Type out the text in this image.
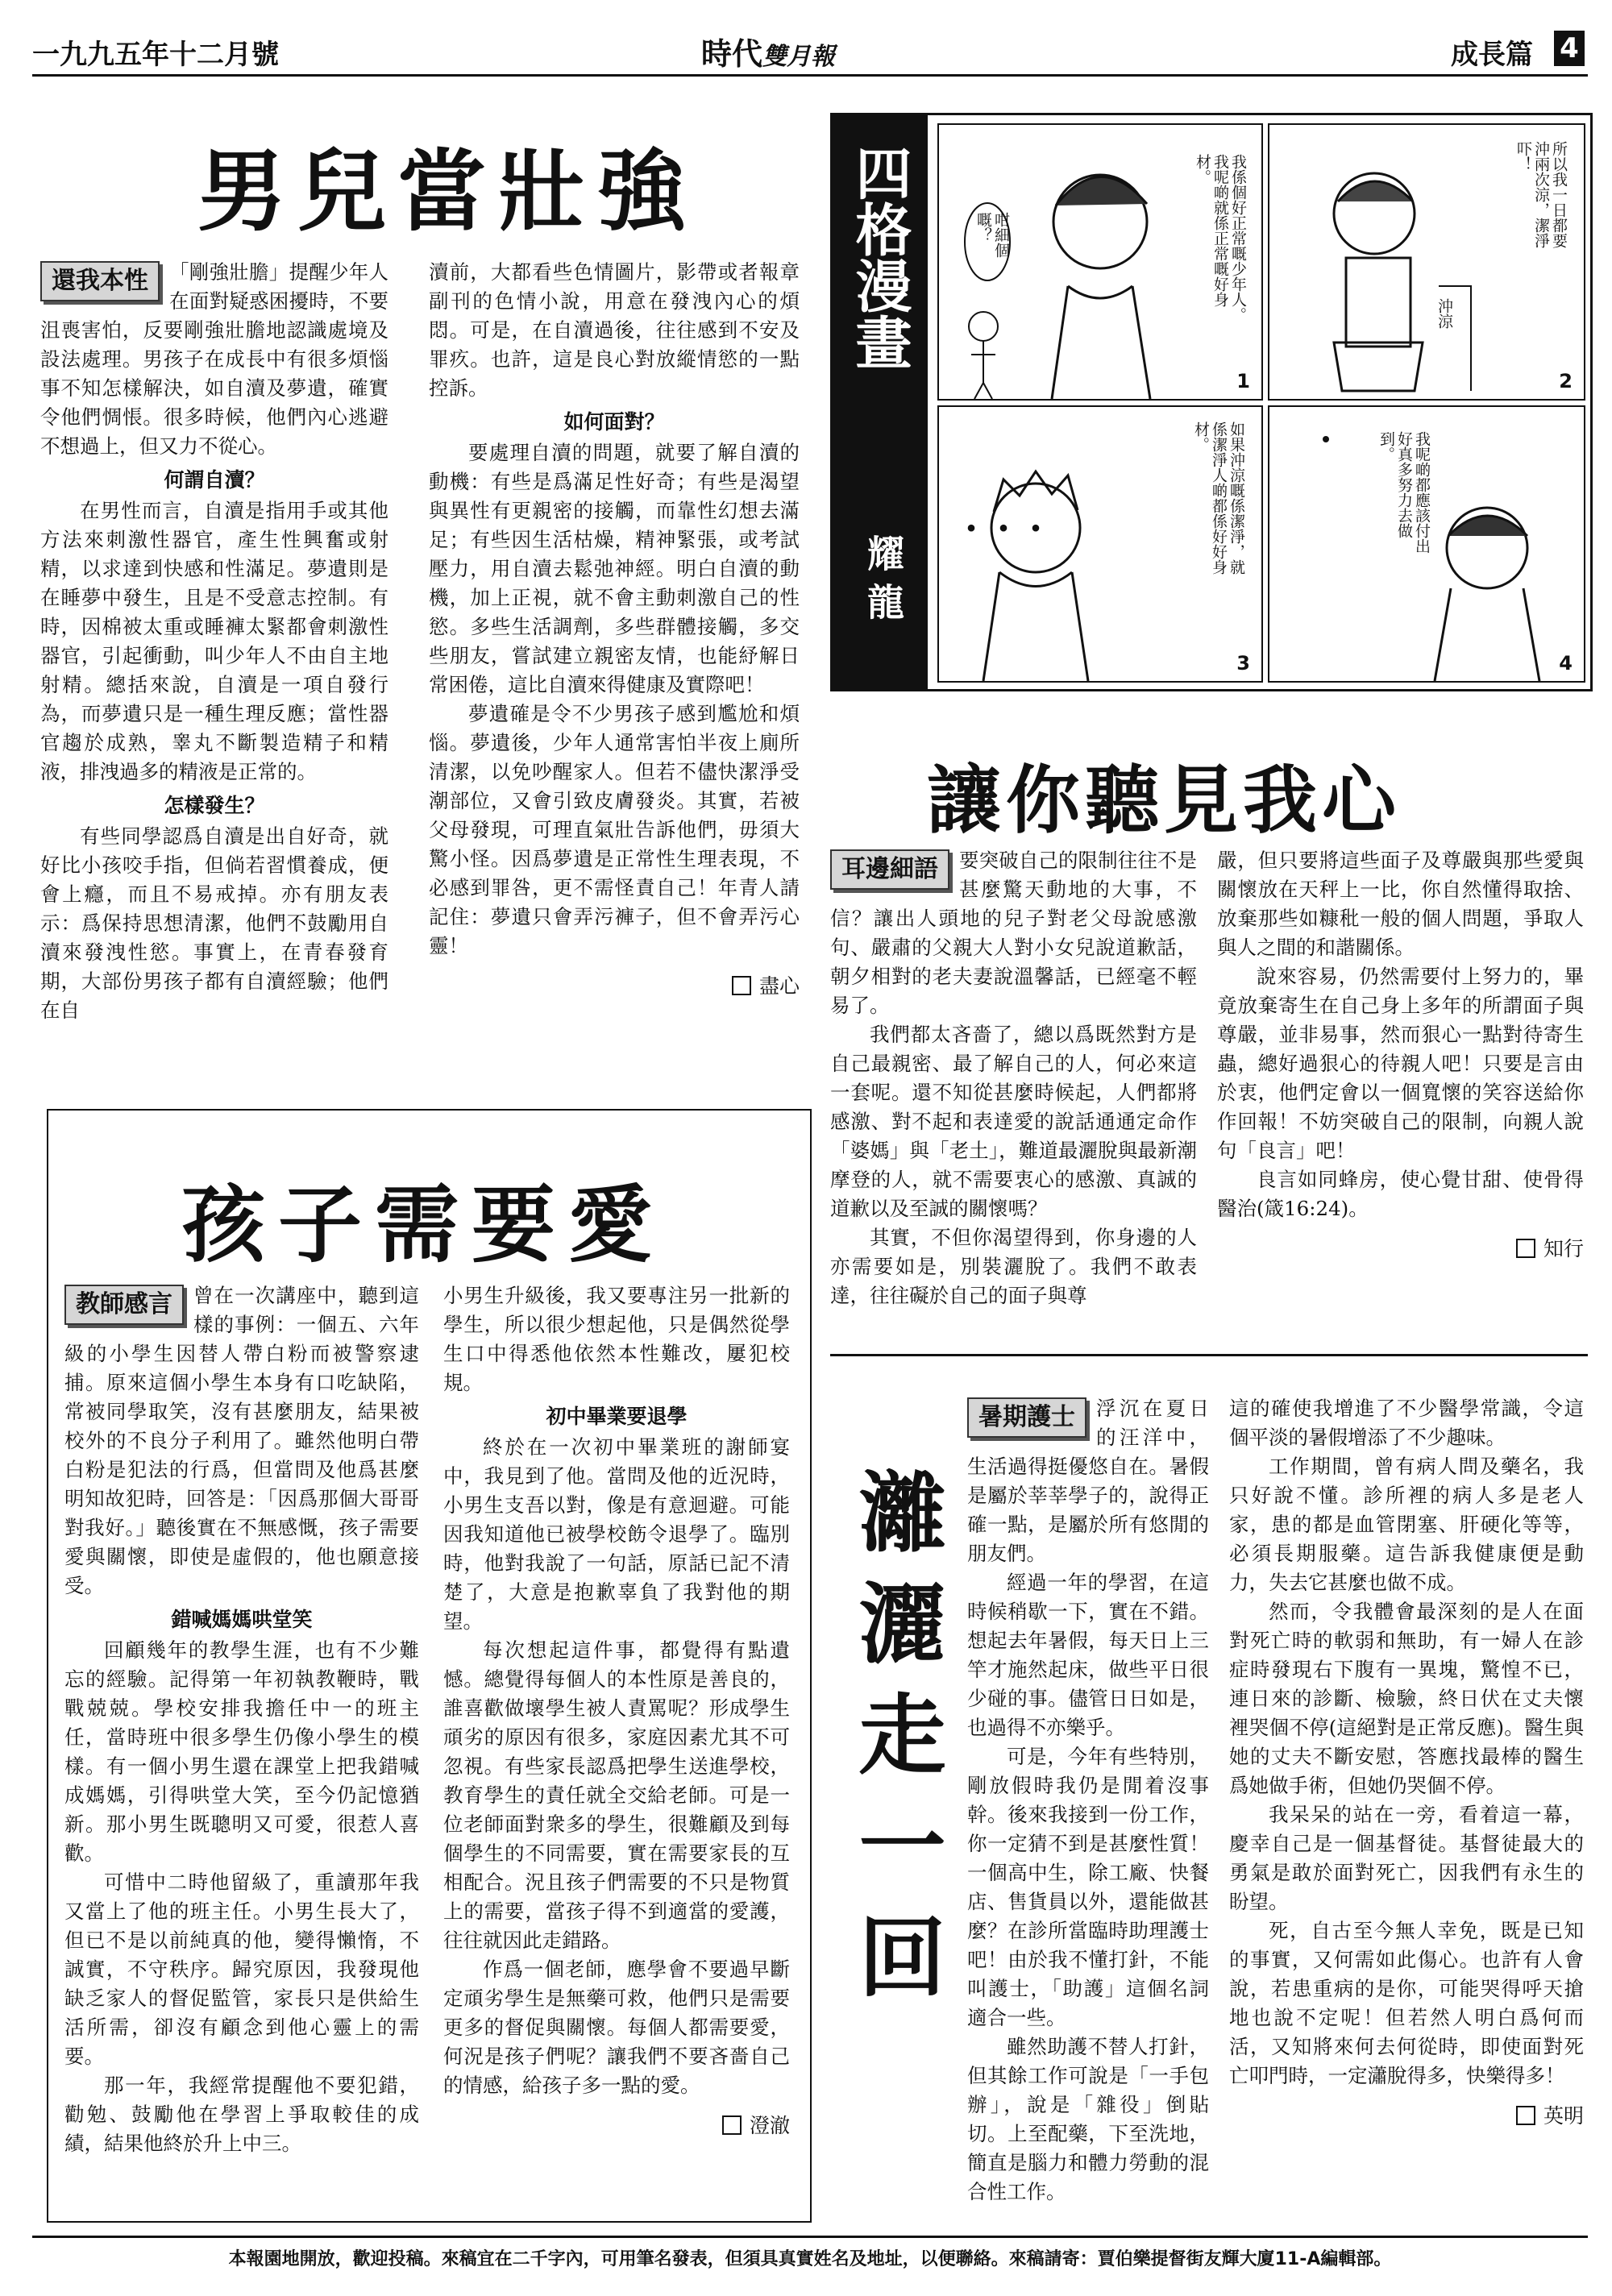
一九九五年十二月號	時代雙月報	成長篇 4
男兒當壯強
還我本性	「剛強壯膽」提醒少年人在面對疑惑困擾時，不要沮喪害怕，反要剛強壯膽地認識處境及設法處理。男孩子在成長中有很多煩惱事不知怎樣解決，如自瀆及夢遺，確實令他們惆悵。很多時候，他們內心逃避不想過上，但又力不從心。

何謂自瀆？

在男性而言，自瀆是指用手或其他方法來刺激性器官，產生性興奮或射精，以求達到快感和性滿足。夢遺則是在睡夢中發生，且是不受意志控制。有時，因棉被太重或睡褲太緊都會刺激性器官，引起衝動，叫少年人不由自主地射精。總括來說，自瀆是一項自發行為，而夢遺只是一種生理反應；當性器官趨於成熟，睾丸不斷製造精子和精液，排洩過多的精液是正常的。

怎樣發生？

有些同學認爲自瀆是出自好奇，就好比小孩咬手指，但倘若習慣養成，便會上癮，而且不易戒掉。亦有朋友表示：爲保持思想清潔，他們不鼓勵用自瀆來發洩性慾。事實上，在青春發育期，大部份男孩子都有自瀆經驗；他們在自

瀆前，大都看些色情圖片，影帶或者報章副刊的色情小說，用意在發洩內心的煩悶。可是，在自瀆過後，往往感到不安及罪疚。也許，這是良心對放縱情慾的一點控訴。

如何面對？

要處理自瀆的問題，就要了解自瀆的動機：有些是爲滿足性好奇；有些是渴望與異性有更親密的接觸，而靠性幻想去滿足；有些因生活枯燥，精神緊張，或考試壓力，用自瀆去鬆弛神經。明白自瀆的動機，加上正視，就不會主動刺激自己的性慾。多些生活調劑，多些群體接觸，多交些朋友，嘗試建立親密友情，也能紓解日常困倦，這比自瀆來得健康及實際吧！

夢遺確是令不少男孩子感到尷尬和煩惱。夢遺後，少年人通常害怕半夜上廁所清潔，以免吵醒家人。但若不儘快潔淨受潮部位，又會引致皮膚發炎。其實，若被父母發現，可理直氣壯告訴他們，毋須大驚小怪。因爲夢遺是正常性生理表現，不必感到罪咎，更不需怪責自己！年青人請記住：夢遺只會弄污褲子，但不會弄污心靈！

盡心
四格漫畫
耀龍
咁細個嘅？	我係個好正常嘅少年人。我呢啲就係正常嘅好身材。
1
所以我一日都要沖兩次涼，潔淨吓！
沖涼
2
・・・	如果沖涼嘅係潔淨，就係潔淨人啲都係好好身材。
3
我呢啲都應該付出好真多努力去做到。
4
讓你聽見我心
耳邊細語	要突破自己的限制往往不是甚麼驚天動地的大事，不信？讓出人頭地的兒子對老父母說感激句、嚴肅的父親大人對小女兒說道歉話，朝夕相對的老夫妻說溫馨話，已經毫不輕易了。

我們都太吝嗇了，總以爲既然對方是自己最親密、最了解自己的人，何必來這一套呢。還不知從甚麼時候起，人們都將感激、對不起和表達愛的說話通通定命作「婆媽」與「老土」，難道最灑脫與最新潮摩登的人，就不需要衷心的感激、真誠的道歉以及至誠的關懷嗎？

其實，不但你渴望得到，你身邊的人亦需要如是，別裝灑脫了。我們不敢表達，往往礙於自己的面子與尊

嚴，但只要將這些面子及尊嚴與那些愛與關懷放在天秤上一比，你自然懂得取捨、放棄那些如糠秕一般的個人問題，爭取人與人之間的和諧關係。

說來容易，仍然需要付上努力的，畢竟放棄寄生在自己身上多年的所謂面子與尊嚴，並非易事，然而狠心一點對待寄生蟲，總好過狠心的待親人吧！只要是言由於衷，他們定會以一個寬懷的笑容送給你作回報！不妨突破自己的限制，向親人說句「良言」吧！

良言如同蜂房，使心覺甘甜、使骨得醫治(箴16:24)。

知行
孩子需要愛
教師感言	曾在一次講座中，聽到這樣的事例：一個五、六年級的小學生因替人帶白粉而被警察逮捕。原來這個小學生本身有口吃缺陷，常被同學取笑，沒有甚麼朋友，結果被校外的不良分子利用了。雖然他明白帶白粉是犯法的行爲，但當問及他爲甚麼明知故犯時，回答是：「因爲那個大哥哥對我好。」聽後實在不無感慨，孩子需要愛與關懷，即使是虛假的，他也願意接受。

錯喊媽媽哄堂笑

回顧幾年的教學生涯，也有不少難忘的經驗。記得第一年初執教鞭時，戰戰兢兢。學校安排我擔任中一的班主任，當時班中很多學生仍像小學生的模樣。有一個小男生還在課堂上把我錯喊成媽媽，引得哄堂大笑，至今仍記憶猶新。那小男生既聰明又可愛，很惹人喜歡。

可惜中二時他留級了，重讀那年我又當上了他的班主任。小男生長大了，但已不是以前純真的他，變得懶惰，不誠實，不守秩序。歸究原因，我發現他缺乏家人的督促監管，家長只是供給生活所需，卻沒有顧念到他心靈上的需要。

那一年，我經常提醒他不要犯錯，勸勉、鼓勵他在學習上爭取較佳的成績，結果他終於升上中三。

小男生升級後，我又要專注另一批新的學生，所以很少想起他，只是偶然從學生口中得悉他依然本性難改，屢犯校規。

初中畢業要退學

終於在一次初中畢業班的謝師宴中，我見到了他。當問及他的近況時，小男生支吾以對，像是有意迴避。可能因我知道他已被學校飭令退學了。臨別時，他對我說了一句話，原話已記不清楚了，大意是抱歉辜負了我對他的期望。

每次想起這件事，都覺得有點遺憾。總覺得每個人的本性原是善良的，誰喜歡做壞學生被人責罵呢？形成學生頑劣的原因有很多，家庭因素尤其不可忽視。有些家長認爲把學生送進學校，教育學生的責任就全交給老師。可是一位老師面對衆多的學生，很難顧及到每個學生的不同需要，實在需要家長的互相配合。況且孩子們需要的不只是物質上的需要，當孩子得不到適當的愛護，往往就因此走錯路。

作爲一個老師，應學會不要過早斷定頑劣學生是無藥可救，他們只是需要更多的督促與關懷。每個人都需要愛，何況是孩子們呢？讓我們不要吝嗇自己的情感，給孩子多一點的愛。

澄澈
灕灑走一回
暑期護士	浮沉在夏日的汪洋中，生活過得挺優悠自在。暑假是屬於莘莘學子的，說得正確一點，是屬於所有悠閒的朋友們。

經過一年的學習，在這時候稍歇一下，實在不錯。想起去年暑假，每天日上三竿才施然起床，做些平日很少碰的事。儘管日日如是，也過得不亦樂乎。

可是，今年有些特別，剛放假時我仍是閒着沒事幹。後來我接到一份工作，你一定猜不到是甚麼性質！一個高中生，除工廠、快餐店、售貨員以外，還能做甚麼？在診所當臨時助理護士吧！由於我不懂打針，不能叫護士，「助護」這個名詞適合一些。

雖然助護不替人打針，但其餘工作可說是「一手包辦」，說是「雜役」倒貼切。上至配藥，下至洗地，簡直是腦力和體力勞動的混合性工作。

這的確使我增進了不少醫學常識，令這個平淡的暑假增添了不少趣味。

工作期間，曾有病人問及藥名，我只好說不懂。診所裡的病人多是老人家，患的都是血管閉塞、肝硬化等等，必須長期服藥。這告訴我健康便是動力，失去它甚麼也做不成。

然而，令我體會最深刻的是人在面對死亡時的軟弱和無助，有一婦人在診症時發現右下腹有一異塊，驚惶不已，連日來的診斷、檢驗，終日伏在丈夫懷裡哭個不停(這絕對是正常反應)。醫生與她的丈夫不斷安慰，答應找最棒的醫生爲她做手術，但她仍哭個不停。

我呆呆的站在一旁，看着這一幕，慶幸自己是一個基督徒。基督徒最大的勇氣是敢於面對死亡，因我們有永生的盼望。

死，自古至今無人幸免，既是已知的事實，又何需如此傷心。也許有人會說，若患重病的是你，可能哭得呼天搶地也說不定呢！但若然人明白爲何而活，又知將來何去何從時，即使面對死亡叩門時，一定瀟脫得多，快樂得多！

英明
本報園地開放，歡迎投稿。來稿宜在二千字內，可用筆名發表，但須具真實姓名及地址，以便聯絡。來稿請寄：賈伯樂提督街友輝大廈11-A編輯部。
